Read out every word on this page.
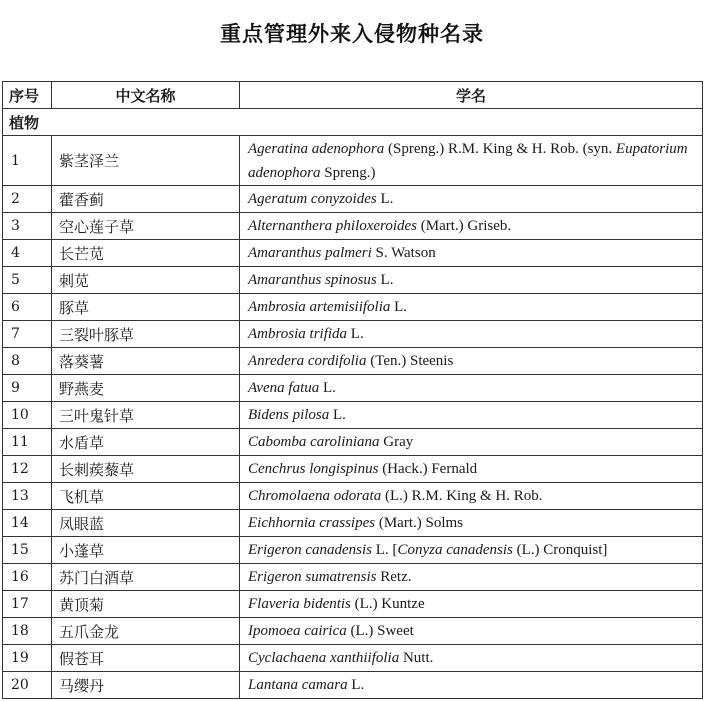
重点管理外来入侵物种名录
序号	中文名称	学名
植物		
1	紫茎泽兰	Ageratina adenophora (Spreng.) R.M. King & H. Rob. (syn. Eupatorium adenophora Spreng.)
2	藿香蓟	Ageratum conyzoides L.
3	空心莲子草	Alternanthera philoxeroides (Mart.) Griseb.
4	长芒苋	Amaranthus palmeri S. Watson
5	刺苋	Amaranthus spinosus L.
6	豚草	Ambrosia artemisiifolia L.
7	三裂叶豚草	Ambrosia trifida L.
8	落葵薯	Anredera cordifolia (Ten.) Steenis
9	野燕麦	Avena fatua L.
10	三叶鬼针草	Bidens pilosa L.
11	水盾草	Cabomba caroliniana Gray
12	长刺蒺藜草	Cenchrus longispinus (Hack.) Fernald
13	飞机草	Chromolaena odorata (L.) R.M. King & H. Rob.
14	凤眼蓝	Eichhornia crassipes (Mart.) Solms
15	小蓬草	Erigeron canadensis L. [Conyza canadensis (L.) Cronquist]
16	苏门白酒草	Erigeron sumatrensis Retz.
17	黄顶菊	Flaveria bidentis (L.) Kuntze
18	五爪金龙	Ipomoea cairica (L.) Sweet
19	假苍耳	Cyclachaena xanthiifolia Nutt.
20	马缨丹	Lantana camara L.
